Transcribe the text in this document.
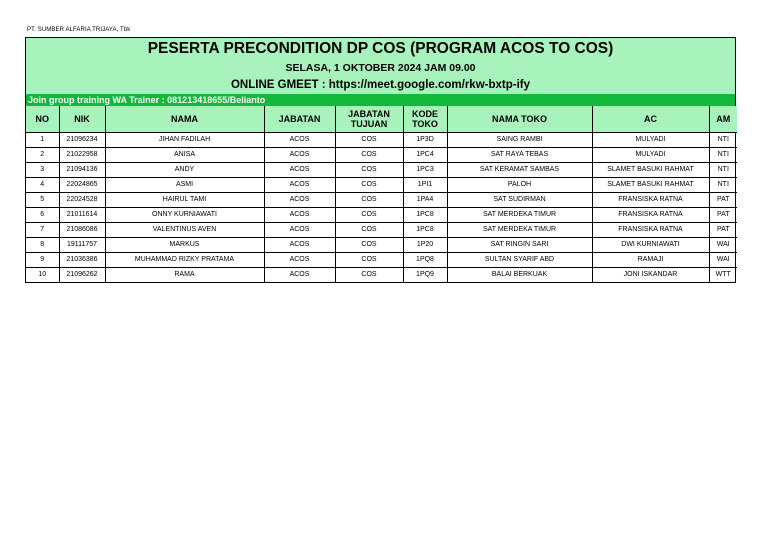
PT. SUMBER ALFARIA TRIJAYA, Tbk
PESERTA PRECONDITION DP COS (PROGRAM ACOS TO COS)
SELASA, 1 OKTOBER 2024 JAM 09.00
ONLINE GMEET : https://meet.google.com/rkw-bxtp-ify
Join group training WA Trainer : 081213418655/Belianto
NO	NIK	NAMA	JABATAN	JABATAN TUJUAN	KODE TOKO	NAMA TOKO	AC	AM
1	21096234	JIHAN FADILAH	ACOS	COS	1P3D	SAING RAMBI	MULYADI	NTI
2	21022958	ANISA	ACOS	COS	1PC4	SAT RAYA TEBAS	MULYADI	NTI
3	21094136	ANDY	ACOS	COS	1PC3	SAT KERAMAT SAMBAS	SLAMET BASUKI RAHMAT	NTI
4	22024865	ASMI	ACOS	COS	1PI1	PALOH	SLAMET BASUKI RAHMAT	NTI
5	22024528	HAIRUL TAMI	ACOS	COS	1PA4	SAT SUDIRMAN	FRANSISKA RATNA	PAT
6	21011614	ONNY KURNIAWATI	ACOS	COS	1PC8	SAT MERDEKA TIMUR	FRANSISKA RATNA	PAT
7	21086086	VALENTINUS AVEN	ACOS	COS	1PC8	SAT MERDEKA TIMUR	FRANSISKA RATNA	PAT
8	19111757	MARKUS	ACOS	COS	1P20	SAT RINGIN SARI	DWI KURNIAWATI	WAI
9	21036386	MUHAMMAD RIZKY PRATAMA	ACOS	COS	1PQ8	SULTAN SYARIF ABD	RAMAJI	WAI
10	21096262	RAMA	ACOS	COS	1PQ9	BALAI BERKUAK	JONI ISKANDAR	WTT
